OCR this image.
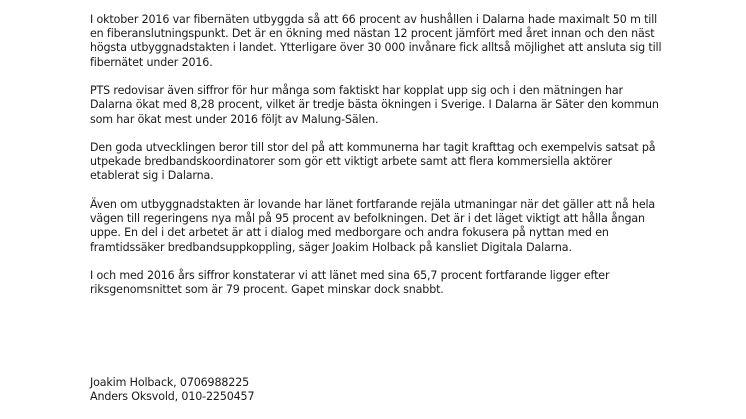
I oktober 2016 var fibernäten utbyggda så att 66 procent av hushållen i Dalarna hade maximalt 50 m till
en fiberanslutningspunkt. Det är en ökning med nästan 12 procent jämfört med året innan och den näst
högsta utbyggnadstakten i landet. Ytterligare över 30 000 invånare fick alltså möjlighet att ansluta sig till
fibernätet under 2016.

PTS redovisar även siffror för hur många som faktiskt har kopplat upp sig och i den mätningen har
Dalarna ökat med 8,28 procent, vilket är tredje bästa ökningen i Sverige. I Dalarna är Säter den kommun
som har ökat mest under 2016 följt av Malung-Sälen.

Den goda utvecklingen beror till stor del på att kommunerna har tagit krafttag och exempelvis satsat på
utpekade bredbandskoordinatorer som gör ett viktigt arbete samt att flera kommersiella aktörer
etablerat sig i Dalarna.

Även om utbyggnadstakten är lovande har länet fortfarande rejäla utmaningar när det gäller att nå hela
vägen till regeringens nya mål på 95 procent av befolkningen. Det är i det läget viktigt att hålla ångan
uppe. En del i det arbetet är att i dialog med medborgare och andra fokusera på nyttan med en
framtidssäker bredbandsuppkoppling, säger Joakim Holback på kansliet Digitala Dalarna.

I och med 2016 års siffror konstaterar vi att länet med sina 65,7 procent fortfarande ligger efter
riksgenomsnittet som är 79 procent. Gapet minskar dock snabbt.

Joakim Holback, 0706988225
Anders Oksvold, 010-2250457
